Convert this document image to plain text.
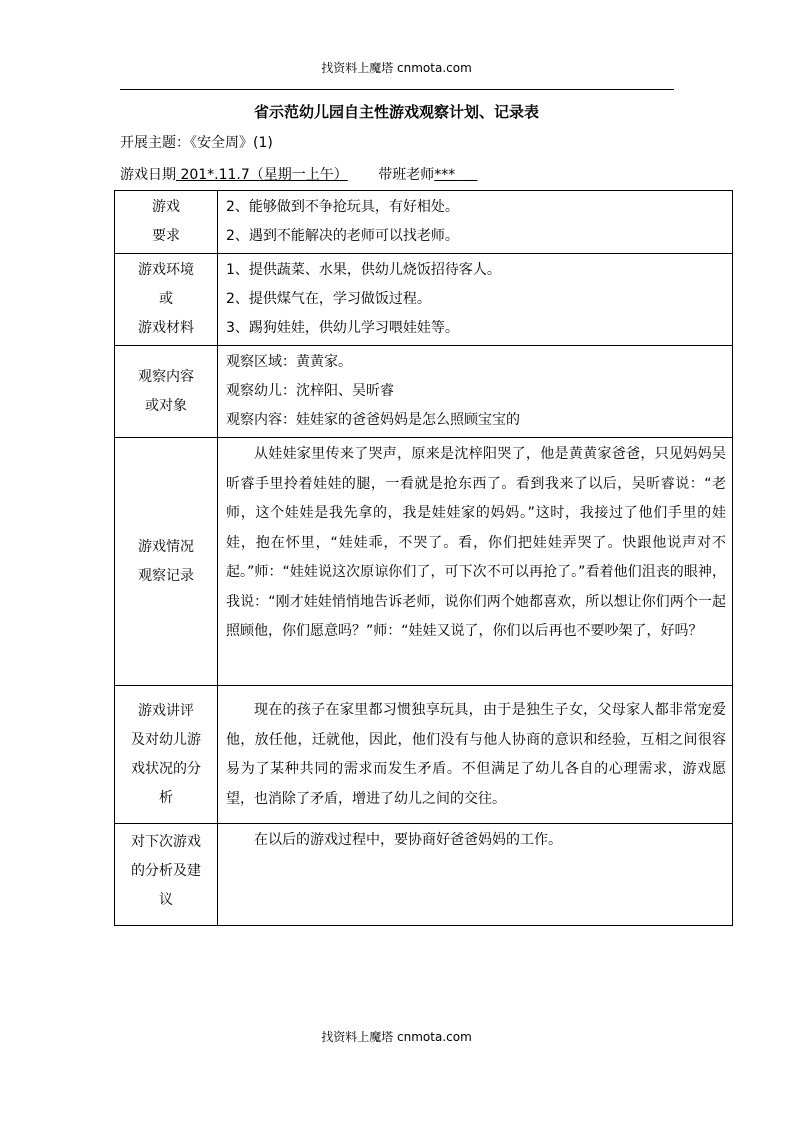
找资料上魔塔 cnmota.com
省示范幼儿园自主性游戏观察计划、记录表
开展主题：《安全周》(1)
游戏日期 201*.11.7（星期一上午） 带班老师***
游戏
要求	2、能够做到不争抢玩具，有好相处。
2、遇到不能解决的老师可以找老师。

游戏环境
或
游戏材料	1、提供蔬菜、水果，供幼儿烧饭招待客人。
2、提供煤气在，学习做饭过程。
3、踢狗娃娃，供幼儿学习喂娃娃等。

观察内容
或对象	观察区域：黄黄家。
观察幼儿：沈梓阳、吴昕睿
观察内容：娃娃家的爸爸妈妈是怎么照顾宝宝的

游戏情况
观察记录	从娃娃家里传来了哭声，原来是沈梓阳哭了，他是黄黄家爸爸，只见妈妈吴昕睿手里拎着娃娃的腿，一看就是抢东西了。看到我来了以后，吴昕睿说：“老师，这个娃娃是我先拿的，我是娃娃家的妈妈。”这时，我接过了他们手里的娃娃，抱在怀里，“娃娃乖，不哭了。看，你们把娃娃弄哭了。快跟他说声对不起。”师：“娃娃说这次原谅你们了，可下次不可以再抢了。”看着他们沮丧的眼神，我说：“刚才娃娃悄悄地告诉老师，说你们两个她都喜欢，所以想让你们两个一起照顾他，你们愿意吗？”师：“娃娃又说了，你们以后再也不要吵架了，好吗？

游戏讲评
及对幼儿游
戏状况的分
析	现在的孩子在家里都习惯独享玩具，由于是独生子女，父母家人都非常宠爱他，放任他，迁就他，因此，他们没有与他人协商的意识和经验，互相之间很容易为了某种共同的需求而发生矛盾。不但满足了幼儿各自的心理需求，游戏愿望，也消除了矛盾，增进了幼儿之间的交往。

对下次游戏
的分析及建
议	在以后的游戏过程中，要协商好爸爸妈妈的工作。
找资料上魔塔 cnmota.com
